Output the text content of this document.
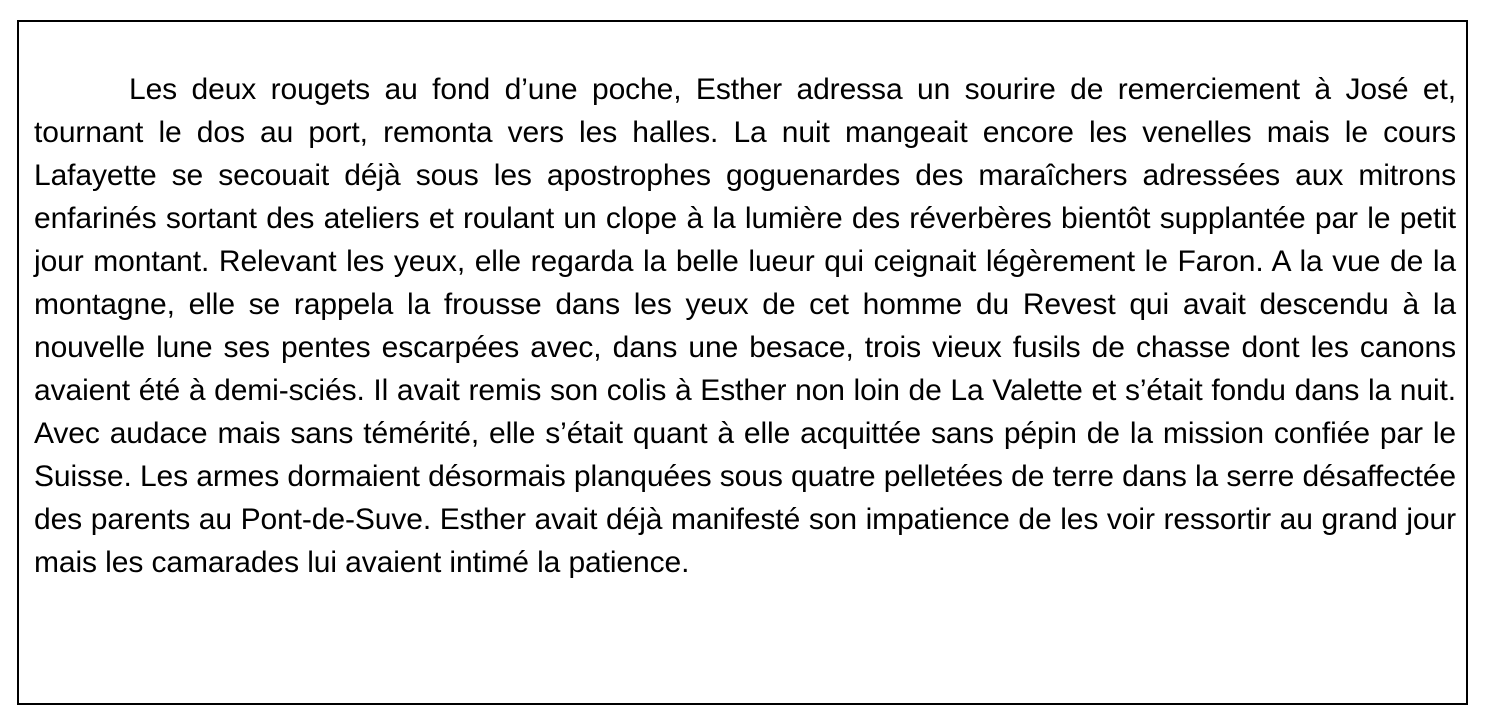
Les deux rougets au fond d’une poche, Esther adressa un sourire de remerciement à José et, tournant le dos au port, remonta vers les halles. La nuit mangeait encore les venelles mais le cours Lafayette se secouait déjà sous les apostrophes goguenardes des maraîchers adressées aux mitrons enfarinés sortant des ateliers et roulant un clope à la lumière des réverbères bientôt supplantée par le petit jour montant. Relevant les yeux, elle regarda la belle lueur qui ceignait légèrement le Faron. A la vue de la montagne, elle se rappela la frousse dans les yeux de cet homme du Revest qui avait descendu à la nouvelle lune ses pentes escarpées avec, dans une besace, trois vieux fusils de chasse dont les canons avaient été à demi-sciés. Il avait remis son colis à Esther non loin de La Valette et s’était fondu dans la nuit. Avec audace mais sans témérité, elle s’était quant à elle acquittée sans pépin de la mission confiée par le Suisse. Les armes dormaient désormais planquées sous quatre pelletées de terre dans la serre désaffectée des parents au Pont-de-Suve. Esther avait déjà manifesté son impatience de les voir ressortir au grand jour mais les camarades lui avaient intimé la patience.
